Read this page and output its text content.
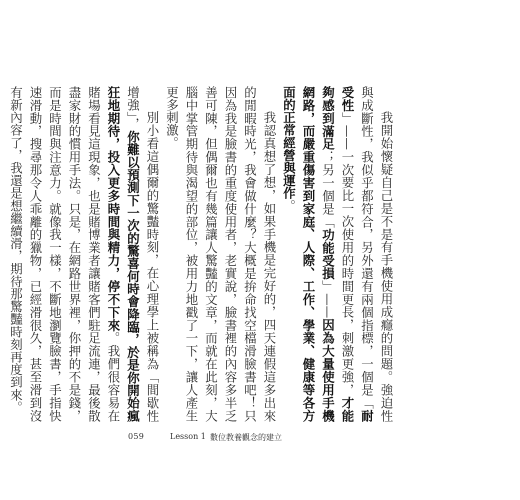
我開始懷疑自己是不是有手機使用成癮的問題。強迫性與成斷性，我似乎都符合，另外還有兩個指標，一個是「耐受性」——一次要比一次使用的時間更長，刺激更強，才能夠感到滿足；另一個是「功能受損」——因為大量使用手機網路，而嚴重傷害到家庭、人際、工作、學業、健康等各方面的正常經營與運作。

我認真想了想，如果手機是完好的，四天連假這多出來的閒暇時光，我會做什麼？大概是拚命找空檔滑臉書吧！只因為我是臉書的重度使用者，老實說，臉書裡的內容多半乏善可陳，但偶爾也有幾篇讓人驚豔的文章，而就在此刻，大腦中掌管期待與渴望的部位，被用力地戳了一下，讓人產生更多刺激。

別小看這偶爾的驚豔時刻，在心理學上被稱為「間歇性增強」，你難以預測下一次的驚喜何時會降臨，於是你開始瘋狂地期待，投入更多時間與精力，停不下來。我們很容易在賭場看見這現象，也是賭博業者讓賭客們駐足流連，最後散盡家財的慣用手法。只是，在網路世界裡，你押的不是錢，而是時間與注意力。就像我一樣，不斷地瀏覽臉書，手指快速滑動，搜尋那令人乖離的獵物，已經滑很久，甚至滑到沒有新內容了，我還是想繼續滑，期待那驚豔時刻再度到來。

059	Lesson 1 數位教養觀念的建立
